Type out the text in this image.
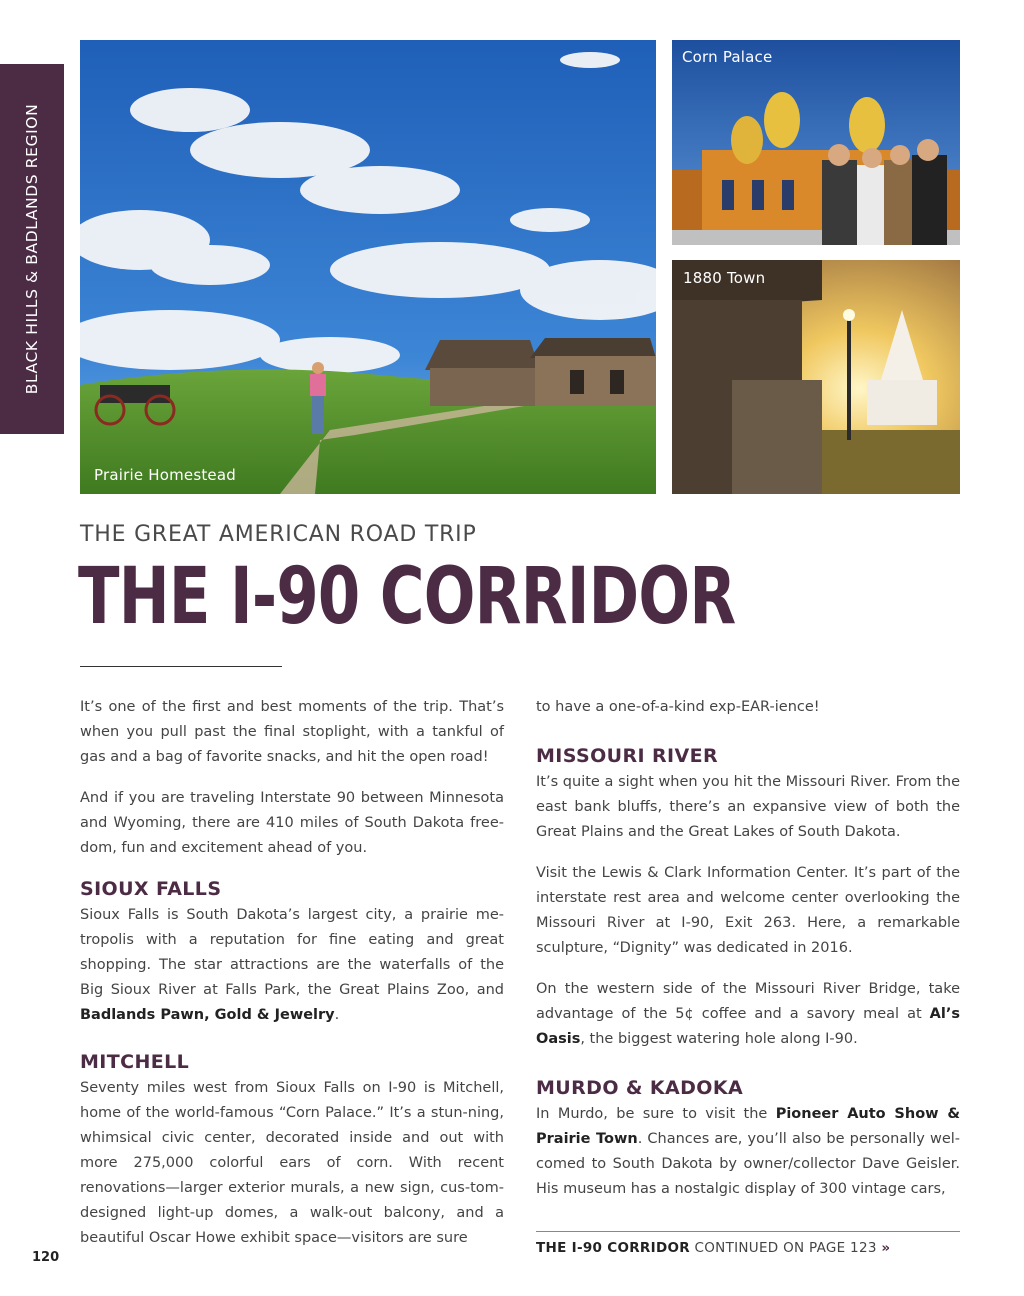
BLACK HILLS & BADLANDS REGION
Prairie Homestead
Corn Palace
1880 Town
THE GREAT AMERICAN ROAD TRIP
THE I-90 CORRIDOR

It’s one of the first and best moments of the trip. That’s when you pull past the final stoplight, with a tankful of gas and a bag of favorite snacks, and hit the open road!

And if you are traveling Interstate 90 between Minnesota and Wyoming, there are 410 miles of South Dakota free-dom, fun and excitement ahead of you.

SIOUX FALLS

Sioux Falls is South Dakota’s largest city, a prairie me-tropolis with a reputation for fine eating and great shopping. The star attractions are the waterfalls of the Big Sioux River at Falls Park, the Great Plains Zoo, and Badlands Pawn, Gold & Jewelry.

MITCHELL

Seventy miles west from Sioux Falls on I-90 is Mitchell, home of the world-famous “Corn Palace.” It’s a stun-ning, whimsical civic center, decorated inside and out with more 275,000 colorful ears of corn. With recent renovations—larger exterior murals, a new sign, cus-tom-designed light-up domes, a walk-out balcony, and a beautiful Oscar Howe exhibit space—visitors are sure

to have a one-of-a-kind exp-EAR-ience!

MISSOURI RIVER

It’s quite a sight when you hit the Missouri River. From the east bank bluffs, there’s an expansive view of both the Great Plains and the Great Lakes of South Dakota.

Visit the Lewis & Clark Information Center. It’s part of the interstate rest area and welcome center overlooking the Missouri River at I-90, Exit 263. Here, a remarkable sculpture, “Dignity” was dedicated in 2016.

On the western side of the Missouri River Bridge, take advantage of the 5¢ coffee and a savory meal at Al’s Oasis, the biggest watering hole along I-90.

MURDO & KADOKA

In Murdo, be sure to visit the Pioneer Auto Show & Prairie Town. Chances are, you’ll also be personally wel-comed to South Dakota by owner/collector Dave Geisler. His museum has a nostalgic display of 300 vintage cars,

THE I-90 CORRIDOR CONTINUED ON PAGE 123 »
120
